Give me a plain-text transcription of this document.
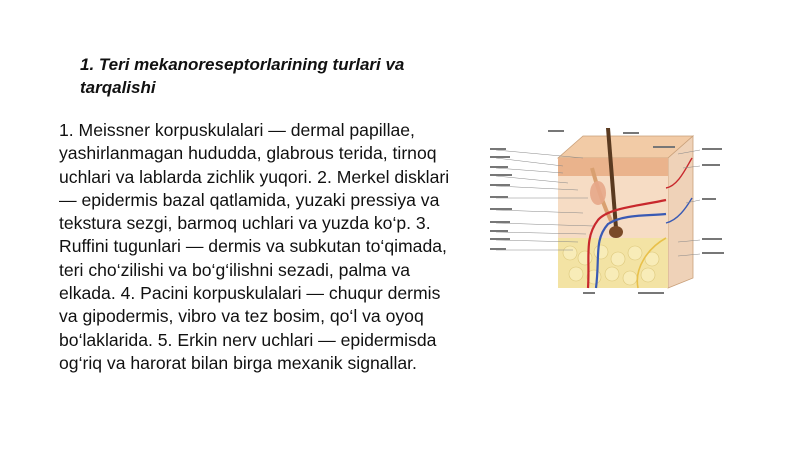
1. Teri mekanoreseptorlarining turlari va tarqalishi
1. Meissner korpuskulalari — dermal papillae, yashirlanmagan hududda, glabrous terida, tirnoq uchlari va lablarda zichlik yuqori. 2. Merkel disklari — epidermis bazal qatlamida, yuzaki pressiya va tekstura sezgi, barmoq uchlari va yuzda ko‘p. 3. Ruffini tugunlari — dermis va subkutan to‘qimada, teri cho‘zilishi va bo‘g‘ilishni sezadi, palma va elkada. 4. Pacini korpuskulalari — chuqur dermis va gipodermis, vibro va tez bosim, qo‘l va oyoq bo‘laklarida. 5. Erkin nerv uchlari — epidermisda og‘riq va harorat bilan birga mexanik signallar.
